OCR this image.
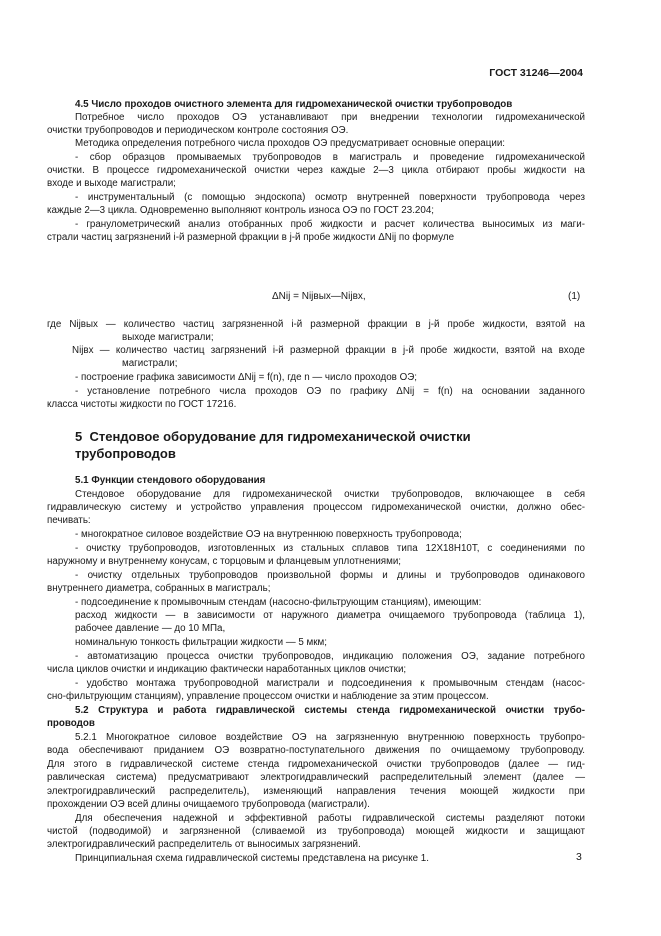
ГОСТ 31246—2004
4.5 Число проходов очистного элемента для гидромеханической очистки трубопроводов
Потребное число проходов ОЭ устанавливают при внедрении технологии гидромеханической
очистки трубопроводов и периодическом контроле состояния ОЭ.
Методика определения потребного числа проходов ОЭ предусматривает основные операции:
- сбор образцов промываемых трубопроводов в магистраль и проведение гидромеханической
очистки. В процессе гидромеханической очистки через каждые 2—3 цикла отбирают пробы жидкости на
входе и выходе магистрали;
- инструментальный (с помощью эндоскопа) осмотр внутренней поверхности трубопровода через
каждые 2—3 цикла. Одновременно выполняют контроль износа ОЭ по ГОСТ 23.204;
- гранулометрический анализ отобранных проб жидкости и расчет количества выносимых из маги-
страли частиц загрязнений i-й размерной фракции в j-й пробе жидкости ΔNij по формуле
ΔNij = Nijвых—Nijвх,	(1)
где Nijвых — количество частиц загрязненной i-й размерной фракции в j-й пробе жидкости, взятой на
выходе магистрали;
Nijвх — количество частиц загрязнений i-й размерной фракции в j-й пробе жидкости, взятой на входе
магистрали;
- построение графика зависимости ΔNij = f(n), где n — число проходов ОЭ;
- установление потребного числа проходов ОЭ по графику ΔNij = f(n) на основании заданного
класса чистоты жидкости по ГОСТ 17216.
5 Стендовое оборудование для гидромеханической очистки
трубопроводов
5.1 Функции стендового оборудования
Стендовое оборудование для гидромеханической очистки трубопроводов, включающее в себя
гидравлическую систему и устройство управления процессом гидромеханической очистки, должно обес-
печивать:
- многократное силовое воздействие ОЭ на внутреннюю поверхность трубопровода;
- очистку трубопроводов, изготовленных из стальных сплавов типа 12Х18Н10Т, с соединениями по
наружному и внутреннему конусам, с торцовым и фланцевым уплотнениями;
- очистку отдельных трубопроводов произвольной формы и длины и трубопроводов одинакового
внутреннего диаметра, собранных в магистраль;
- подсоединение к промывочным стендам (насосно-фильтрующим станциям), имеющим:
расход жидкости — в зависимости от наружного диаметра очищаемого трубопровода (таблица 1),
рабочее давление — до 10 МПа,
номинальную тонкость фильтрации жидкости — 5 мкм;
- автоматизацию процесса очистки трубопроводов, индикацию положения ОЭ, задание потребного
числа циклов очистки и индикацию фактически наработанных циклов очистки;
- удобство монтажа трубопроводной магистрали и подсоединения к промывочным стендам (насос-
сно-фильтрующим станциям), управление процессом очистки и наблюдение за этим процессом.
5.2 Структура и работа гидравлической системы стенда гидромеханической очистки трубо-
проводов
5.2.1 Многократное силовое воздействие ОЭ на загрязненную внутреннюю поверхность трубопро-
вода обеспечивают приданием ОЭ возвратно-поступательного движения по очищаемому трубопроводу.
Для этого в гидравлической системе стенда гидромеханической очистки трубопроводов (далее — гид-
равлическая система) предусматривают электрогидравлический распределительный элемент (далее —
электрогидравлический распределитель), изменяющий направления течения моющей жидкости при
прохождении ОЭ всей длины очищаемого трубопровода (магистрали).
Для обеспечения надежной и эффективной работы гидравлической системы разделяют потоки
чистой (подводимой) и загрязненной (сливаемой из трубопровода) моющей жидкости и защищают
электрогидравлический распределитель от выносимых загрязнений.
Принципиальная схема гидравлической системы представлена на рисунке 1.	3
